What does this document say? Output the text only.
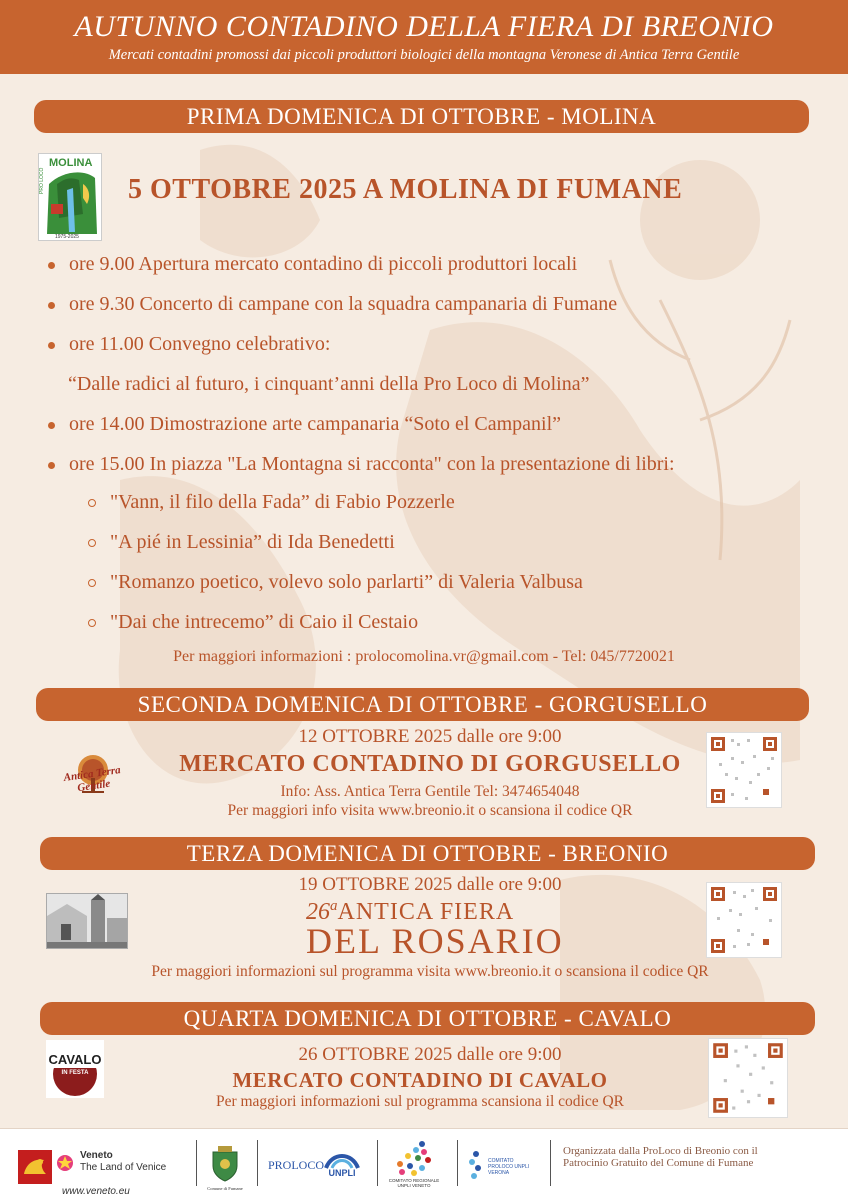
AUTUNNO CONTADINO DELLA FIERA DI BREONIO
Mercati contadini promossi dai piccoli produttori biologici della montagna Veronese di Antica Terra Gentile
PRIMA DOMENICA DI OTTOBRE - MOLINA
MOLINA
PRO LOCO
1975-2025
5 OTTOBRE 2025 A MOLINA DI FUMANE
ore 9.00 Apertura mercato contadino di piccoli produttori locali
ore 9.30 Concerto di campane con la squadra campanaria di Fumane
ore 11.00 Convegno celebrativo:
“Dalle radici al futuro, i cinquant’anni della Pro Loco di Molina”
ore 14.00 Dimostrazione arte campanaria “Soto el Campanil”
ore 15.00 In piazza "La Montagna si racconta" con la presentazione di libri:
"Vann, il filo della Fada” di Fabio Pozzerle
"A pié in Lessinia” di Ida Benedetti
"Romanzo poetico, volevo solo parlarti” di Valeria Valbusa
"Dai che intrecemo” di Caio il Cestaio
Per maggiori informazioni : prolocomolina.vr@gmail.com - Tel: 045/7720021
SECONDA DOMENICA DI OTTOBRE - GORGUSELLO
Antica Terra Gentile
12 OTTOBRE 2025 dalle ore 9:00
MERCATO CONTADINO DI GORGUSELLO
Info: Ass. Antica Terra Gentile Tel: 3474654048
Per maggiori info visita www.breonio.it o scansiona il codice QR
TERZA DOMENICA DI OTTOBRE - BREONIO
19 OTTOBRE 2025 dalle ore 9:00
26$^a$ANTICA FIERA
DEL ROSARIO
Per maggiori informazioni sul programma visita www.breonio.it o scansiona il codice QR
QUARTA DOMENICA DI OTTOBRE - CAVALO
CAVALO
IN FESTA
26 OTTOBRE 2025 dalle ore 9:00
MERCATO CONTADINO DI CAVALO
Per maggiori informazioni sul programma scansiona il codice QR
Veneto
The Land of Venice
www.veneto.eu	Comune di Fumane
PROLOCO
UNPLI
COMITATO REGIONALE UNPLI VENETO
COMITATO PROLOCO UNPLI VERONA
Organizzata dalla ProLoco di Breonio con il Patrocinio Gratuito del Comune di Fumane
